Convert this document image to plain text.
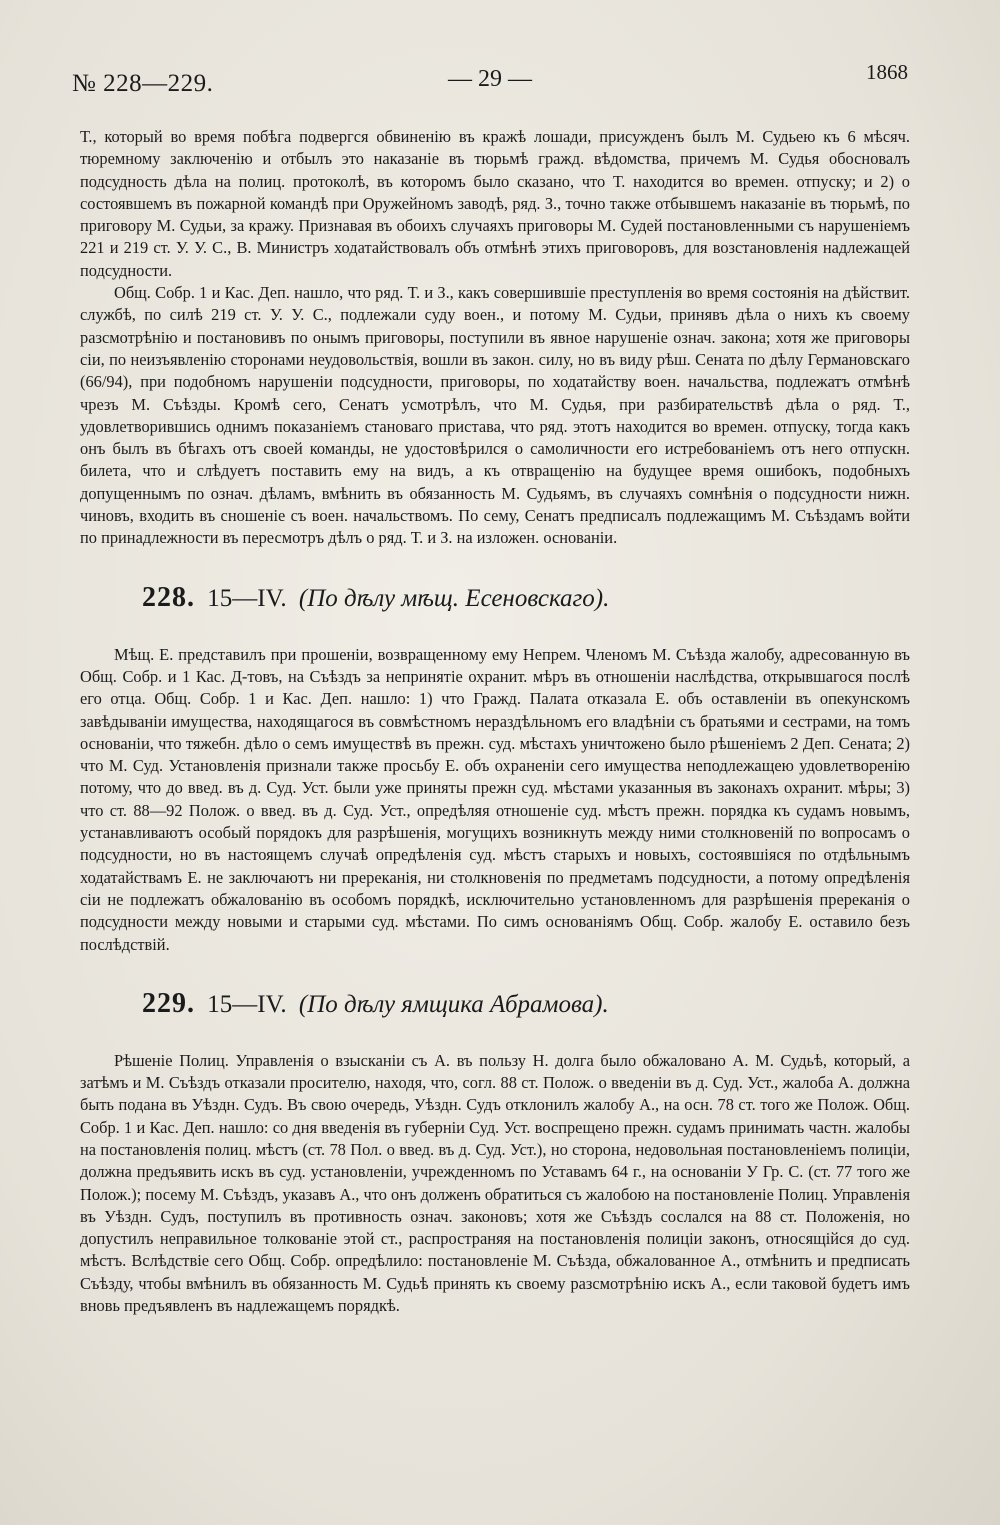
№ 228—229.	— 29 —	1868

Т., который во время побѣга подвергся обвиненію въ кражѣ лошади, присужденъ былъ М. Судьею къ 6 мѣсяч. тюремному заключенію и отбылъ это наказаніе въ тюрьмѣ гражд. вѣдомства, причемъ М. Судья обосновалъ подсудность дѣла на полиц. протоколѣ, въ которомъ было сказано, что Т. находится во времен. отпуску; и 2) о состоявшемъ въ пожарной командѣ при Оружейномъ заводѣ, ряд. З., точно также отбывшемъ наказаніе въ тюрьмѣ, по приговору М. Судьи, за кражу. Признавая въ обоихъ случаяхъ приговоры М. Судей постановленными съ нарушеніемъ 221 и 219 ст. У. У. С., В. Министръ ходатайствовалъ объ отмѣнѣ этихъ приговоровъ, для возстановленія надлежащей подсудности.

Общ. Собр. 1 и Кас. Деп. нашло, что ряд. Т. и З., какъ совершившіе преступленія во время состоянія на дѣйствит. службѣ, по силѣ 219 ст. У. У. С., подлежали суду воен., и потому М. Судьи, принявъ дѣла о нихъ къ своему разсмотрѣнію и постановивъ по онымъ приговоры, поступили въ явное нарушеніе означ. закона; хотя же приговоры сіи, по неизъявленію сторонами неудовольствія, вошли въ закон. силу, но въ виду рѣш. Сената по дѣлу Германовскаго (66/94), при подобномъ нарушеніи подсудности, приговоры, по ходатайству воен. начальства, подлежатъ отмѣнѣ чрезъ М. Съѣзды. Кромѣ сего, Сенатъ усмотрѣлъ, что М. Судья, при разбирательствѣ дѣла о ряд. Т., удовлетворившись однимъ показаніемъ становаго пристава, что ряд. этотъ находится во времен. отпуску, тогда какъ онъ былъ въ бѣгахъ отъ своей команды, не удостовѣрился о самоличности его истребованіемъ отъ него отпускн. билета, что и слѣдуетъ поставить ему на видъ, а къ отвращенію на будущее время ошибокъ, подобныхъ допущеннымъ по означ. дѣламъ, вмѣнить въ обязанность М. Судьямъ, въ случаяхъ сомнѣнія о подсудности нижн. чиновъ, входить въ сношеніе съ воен. начальствомъ. По сему, Сенатъ предписалъ подлежащимъ М. Съѣздамъ войти по принадлежности въ пересмотръ дѣлъ о ряд. Т. и З. на изложен. основаніи.

228. 15—IV. (По дѣлу мѣщ. Есеновскаго).

Мѣщ. Е. представилъ при прошеніи, возвращенному ему Непрем. Членомъ М. Съѣзда жалобу, адресованную въ Общ. Собр. и 1 Кас. Д-товъ, на Съѣздъ за непринятіе охранит. мѣръ въ отношеніи наслѣдства, открывшагося послѣ его отца. Общ. Собр. 1 и Кас. Деп. нашло: 1) что Гражд. Палата отказала Е. объ оставленіи въ опекунскомъ завѣдываніи имущества, находящагося въ совмѣстномъ нераздѣльномъ его владѣніи съ братьями и сестрами, на томъ основаніи, что тяжебн. дѣло о семъ имуществѣ въ прежн. суд. мѣстахъ уничтожено было рѣшеніемъ 2 Деп. Сената; 2) что М. Суд. Установленія признали также просьбу Е. объ охраненіи сего имущества неподлежащею удовлетворенію потому, что до введ. въ д. Суд. Уст. были уже приняты прежн суд. мѣстами указанныя въ законахъ охранит. мѣры; 3) что ст. 88—92 Полож. о введ. въ д. Суд. Уст., опредѣляя отношеніе суд. мѣстъ прежн. порядка къ судамъ новымъ, устанавливаютъ особый порядокъ для разрѣшенія, могущихъ возникнуть между ними столкновеній по вопросамъ о подсудности, но въ настоящемъ случаѣ опредѣленія суд. мѣстъ старыхъ и новыхъ, состоявшіяся по отдѣльнымъ ходатайствамъ Е. не заключаютъ ни пререканія, ни столкновенія по предметамъ подсудности, а потому опредѣленія сіи не подлежатъ обжалованію въ особомъ порядкѣ, исключительно установленномъ для разрѣшенія пререканія о подсудности между новыми и старыми суд. мѣстами. По симъ основаніямъ Общ. Собр. жалобу Е. оставило безъ послѣдствій.

229. 15—IV. (По дѣлу ямщика Абрамова).

Рѣшеніе Полиц. Управленія о взысканіи съ А. въ пользу Н. долга было обжаловано А. М. Судьѣ, который, а затѣмъ и М. Съѣздъ отказали просителю, находя, что, согл. 88 ст. Полож. о введеніи въ д. Суд. Уст., жалоба А. должна быть подана въ Уѣздн. Судъ. Въ свою очередь, Уѣздн. Судъ отклонилъ жалобу А., на осн. 78 ст. того же Полож. Общ. Собр. 1 и Кас. Деп. нашло: со дня введенія въ губерніи Суд. Уст. воспрещено прежн. судамъ принимать частн. жалобы на постановленія полиц. мѣстъ (ст. 78 Пол. о введ. въ д. Суд. Уст.), но сторона, недовольная постановленіемъ полиціи, должна предъявить искъ въ суд. установленіи, учрежденномъ по Уставамъ 64 г., на основаніи У Гр. С. (ст. 77 того же Полож.); посему М. Съѣздъ, указавъ А., что онъ долженъ обратиться съ жалобою на постановленіе Полиц. Управленія въ Уѣздн. Судъ, поступилъ въ противность означ. законовъ; хотя же Съѣздъ сослался на 88 ст. Положенія, но допустилъ неправильное толкованіе этой ст., распространяя на постановленія полиціи законъ, относящійся до суд. мѣстъ. Вслѣдствіе сего Общ. Собр. опредѣлило: постановленіе М. Съѣзда, обжалованное А., отмѣнить и предписать Съѣзду, чтобы вмѣнилъ въ обязанность М. Судьѣ принять къ своему разсмотрѣнію искъ А., если таковой будетъ имъ вновь предъявленъ въ надлежащемъ порядкѣ.
